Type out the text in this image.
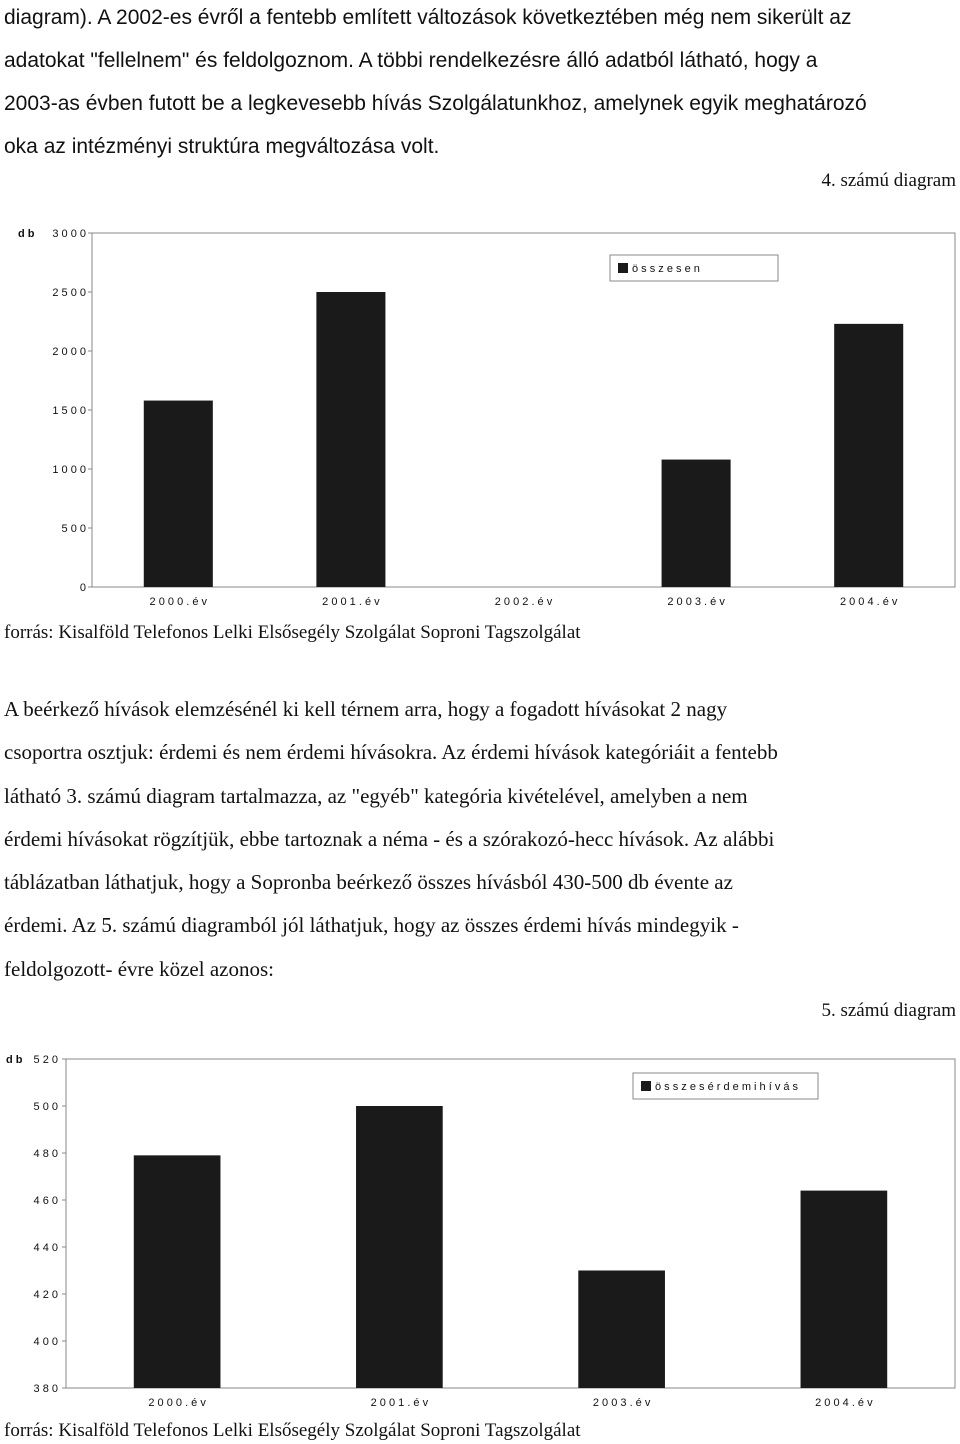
diagram). A 2002-es évről a fentebb említett változások következtében még nem sikerült az
adatokat "fellelnem" és feldolgoznom. A többi rendelkezésre álló adatból látható, hogy a
2003-as évben futott be a legkevesebb hívás Szolgálatunkhoz, amelynek egyik meghatározó
oka az intézményi struktúra megváltozása volt.
4. számú diagram
d b
0
5 0 0
1 0 0 0
1 5 0 0
2 0 0 0
2 5 0 0
3 0 0 0
2 0 0 0 . é v	2 0 0 1 . é v	2 0 0 2 . é v	2 0 0 3 . é v	2 0 0 4 . é v
ö s s z e s e n
forrás: Kisalföld Telefonos Lelki Elsősegély Szolgálat Soproni Tagszolgálat
A beérkező hívások elemzésénél ki kell térnem arra, hogy a fogadott hívásokat 2 nagy
csoportra osztjuk: érdemi és nem érdemi hívásokra. Az érdemi hívások kategóriáit a fentebb
látható 3. számú diagram tartalmazza, az "egyéb" kategória kivételével, amelyben a nem
érdemi hívásokat rögzítjük, ebbe tartoznak a néma - és a szórakozó-hecc hívások. Az alábbi
táblázatban láthatjuk, hogy a Sopronba beérkező összes hívásból 430-500 db évente az
érdemi. Az 5. számú diagramból jól láthatjuk, hogy az összes érdemi hívás mindegyik -
feldolgozott- évre közel azonos:
5. számú diagram
d b
3 8 0
4 0 0
4 2 0
4 4 0
4 6 0
4 8 0
5 0 0
5 2 0
2 0 0 0 . é v	2 0 0 1 . é v	2 0 0 3 . é v	2 0 0 4 . é v
ö s s z e s é r d e m i h í v á s
forrás: Kisalföld Telefonos Lelki Elsősegély Szolgálat Soproni Tagszolgálat
